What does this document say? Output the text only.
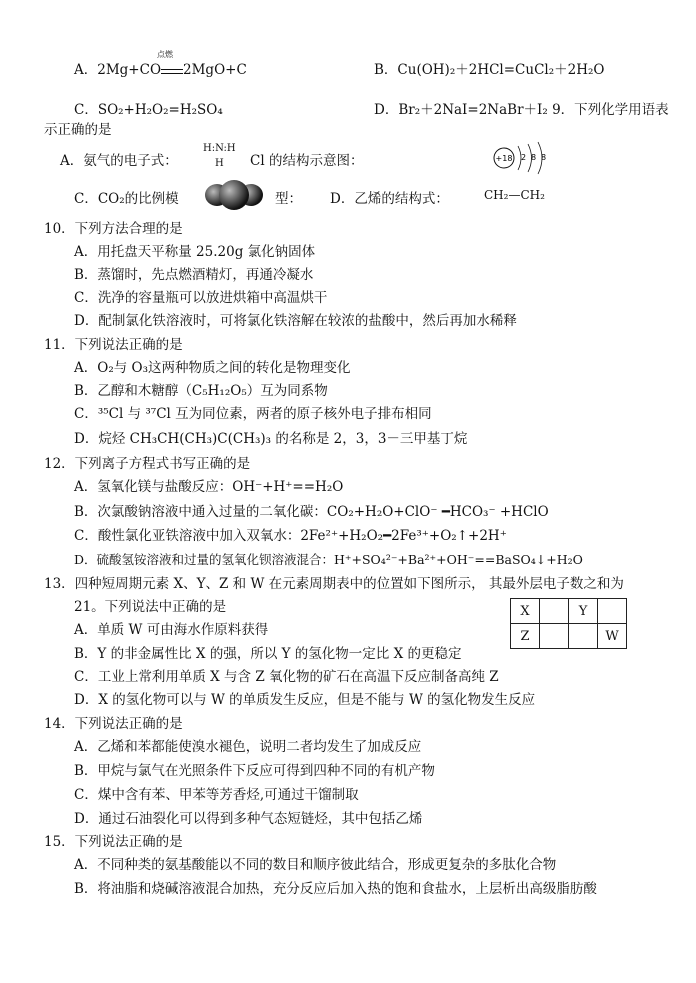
A．2Mg+CO 2MgO+C
点燃
B．Cu(OH)₂＋2HCl=CuCl₂＋2H₂O
C．SO₂+H₂O₂=H₂SO₄	D．Br₂＋2NaI=2NaBr＋I₂ 9．下列化学用语表
示正确的是
A．氨气的电子式：
H:N:H
H Cl 的结构示意图：	+18 2 8 8
C．CO₂的比例模	型： D．乙烯的结构式：	CH₂—CH₂
10．下列方法合理的是
A．用托盘天平称量 25.20g 氯化钠固体
B．蒸馏时，先点燃酒精灯，再通冷凝水
C．洗净的容量瓶可以放进烘箱中高温烘干
D．配制氯化铁溶液时，可将氯化铁溶解在较浓的盐酸中，然后再加水稀释
11．下列说法正确的是
A．O₂与 O₃这两种物质之间的转化是物理变化
B．乙醇和木糖醇（C₅H₁₂O₅）互为同系物
C．³⁵Cl 与 ³⁷Cl 互为同位素，两者的原子核外电子排布相同
D．烷烃 CH₃CH(CH₃)C(CH₃)₃ 的名称是 2，3，3－三甲基丁烷
12．下列离子方程式书写正确的是
A．氢氧化镁与盐酸反应：OH⁻+H⁺==H₂O
B．次氯酸钠溶液中通入过量的二氧化碳：CO₂+H₂O+ClO⁻ ━HCO₃⁻ +HClO
C．酸性氯化亚铁溶液中加入双氧水：2Fe²⁺+H₂O₂━2Fe³⁺+O₂↑+2H⁺
D．硫酸氢铵溶液和过量的氢氧化钡溶液混合：H⁺+SO₄²⁻+Ba²⁺+OH⁻==BaSO₄↓+H₂O
13．四种短周期元素 X、Y、Z 和 W 在元素周期表中的位置如下图所示， 其最外层电子数之和为
21。下列说法中正确的是	X		Y	
Z			W
A．单质 W 可由海水作原料获得
B．Y 的非金属性比 X 的强，所以 Y 的氢化物一定比 X 的更稳定
C．工业上常利用单质 X 与含 Z 氧化物的矿石在高温下反应制备高纯 Z
D．X 的氢化物可以与 W 的单质发生反应，但是不能与 W 的氢化物发生反应
14．下列说法正确的是
A．乙烯和苯都能使溴水褪色，说明二者均发生了加成反应
B．甲烷与氯气在光照条件下反应可得到四种不同的有机产物
C．煤中含有苯、甲苯等芳香烃,可通过干馏制取
D．通过石油裂化可以得到多种气态短链烃，其中包括乙烯
15．下列说法正确的是
A．不同种类的氨基酸能以不同的数目和顺序彼此结合，形成更复杂的多肽化合物
B．将油脂和烧碱溶液混合加热，充分反应后加入热的饱和食盐水，上层析出高级脂肪酸
